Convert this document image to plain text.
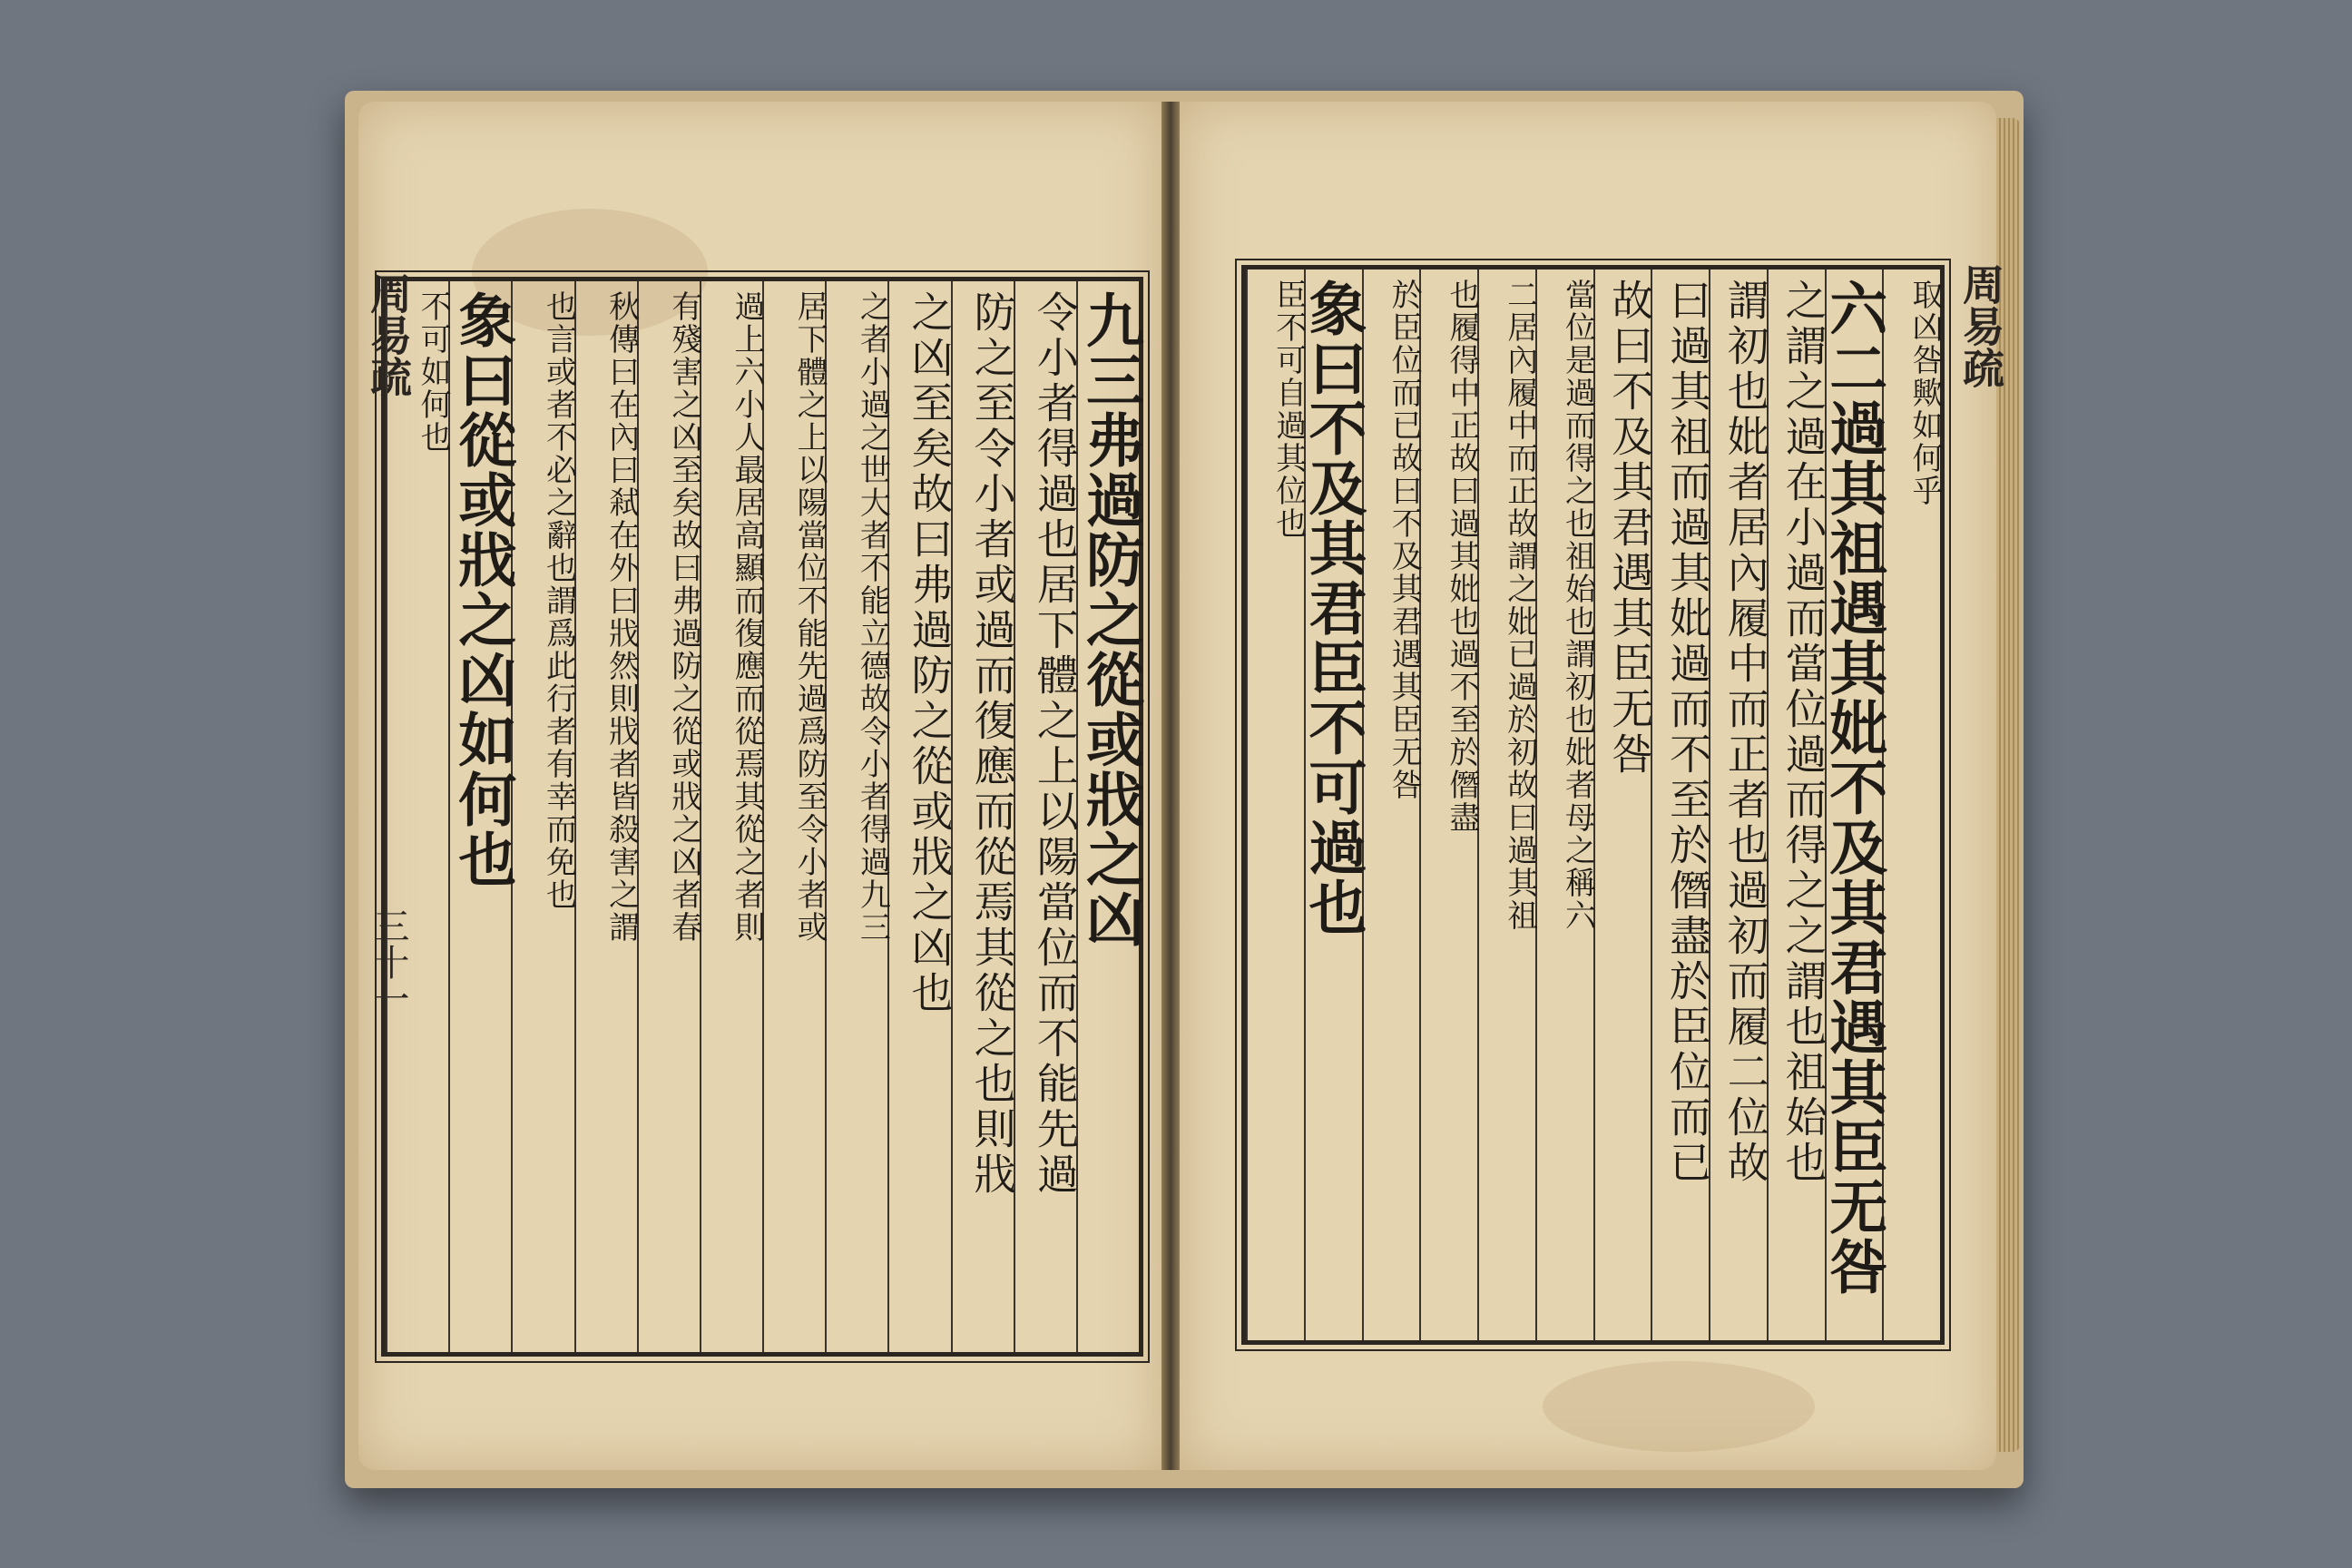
周易疏
三十一
周易疏
九三弗過防之從或戕之凶
令小者得過也居下體之上以陽當位而不能先過
防之至令小者或過而復應而從焉其從之也則戕
之凶至矣故曰弗過防之從或戕之凶也
之者小過之世大者不能立德故令小者得過九三
居下體之上以陽當位不能先過爲防至令小者或
過上六小人最居高顯而復應而從焉其從之者則
有殘害之凶至矣故曰弗過防之從或戕之凶者春
秋傳曰在內曰弒在外曰戕然則戕者皆殺害之謂
也言或者不必之辭也謂爲此行者有幸而免也
象曰從或戕之凶如何也
不可如何也	取凶咎歟如何乎
六二過其祖遇其妣不及其君遇其臣无咎
之謂之過在小過而當位過而得之之謂也祖始也
謂初也妣者居內履中而正者也過初而履二位故
曰過其祖而過其妣過而不至於僭盡於臣位而已
故曰不及其君遇其臣无咎
當位是過而得之也祖始也謂初也妣者母之稱六
二居內履中而正故謂之妣已過於初故曰過其祖
也履得中正故曰過其妣也過不至於僭盡
於臣位而已故曰不及其君遇其臣无咎
象曰不及其君臣不可過也
臣不可自過其位也
